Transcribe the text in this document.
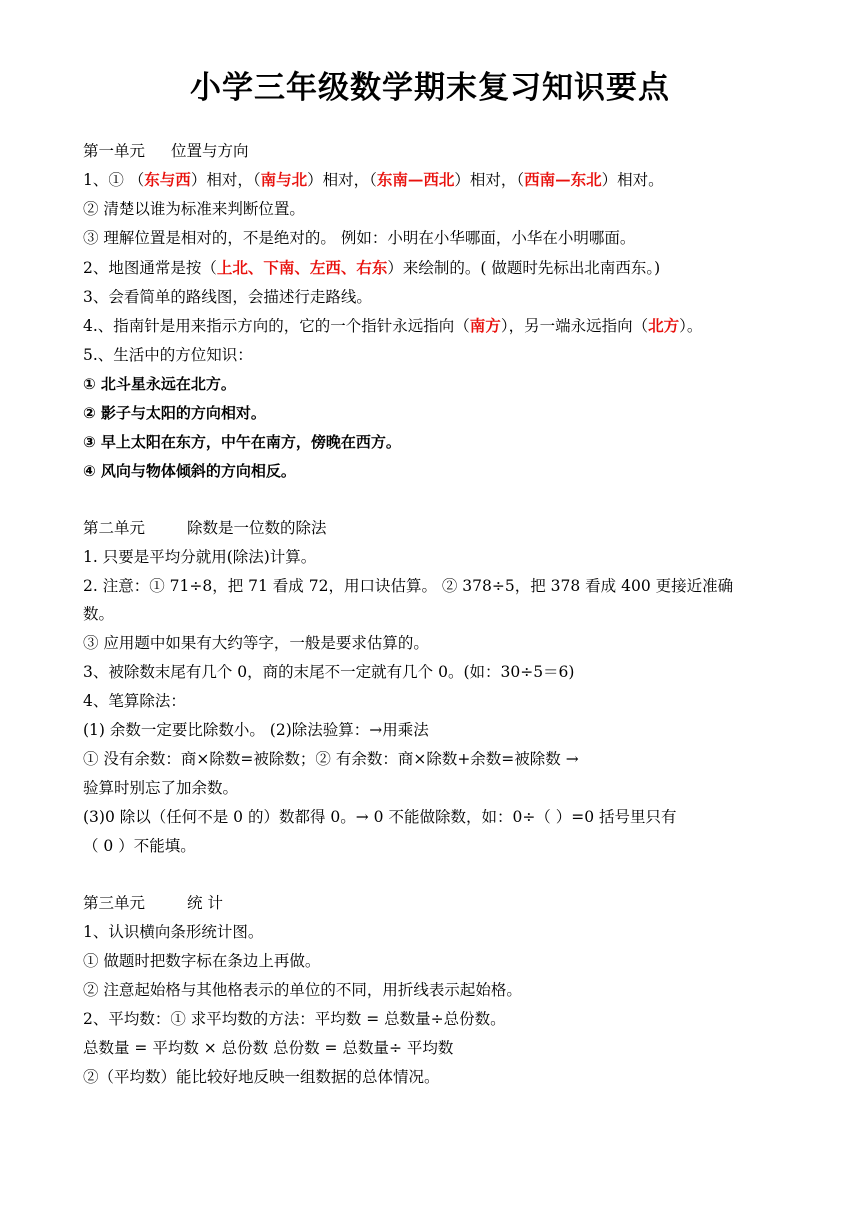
小学三年级数学期末复习知识要点
第一单元 位置与方向
1、① （东与西）相对，（南与北）相对，（东南—西北）相对，（西南—东北）相对。
② 清楚以谁为标准来判断位置。
③ 理解位置是相对的，不是绝对的。 例如：小明在小华哪面，小华在小明哪面。
2、地图通常是按（上北、下南、左西、右东）来绘制的。( 做题时先标出北南西东。)
3、会看简单的路线图，会描述行走路线。
4.、指南针是用来指示方向的，它的一个指针永远指向（南方），另一端永远指向（北方）。
5.、生活中的方位知识：
① 北斗星永远在北方。
② 影子与太阳的方向相对。
③ 早上太阳在东方，中午在南方，傍晚在西方。
④ 风向与物体倾斜的方向相反。
第二单元	除数是一位数的除法
1. 只要是平均分就用(除法)计算。
2. 注意：① 71÷8，把 71 看成 72，用口诀估算。 ② 378÷5，把 378 看成 400 更接近准确
数。
③ 应用题中如果有大约等字，一般是要求估算的。
3、被除数末尾有几个 0，商的末尾不一定就有几个 0。(如：30÷5＝6)
4、笔算除法：
(1) 余数一定要比除数小。 (2)除法验算：→用乘法
① 没有余数：商×除数=被除数；② 有余数：商×除数+余数=被除数 →
验算时别忘了加余数。
(3)0 除以（任何不是 0 的）数都得 0。→ 0 不能做除数，如：0÷（ ）=0 括号里只有
（ 0 ）不能填。
第三单元	统 计
1、认识横向条形统计图。
① 做题时把数字标在条边上再做。
② 注意起始格与其他格表示的单位的不同，用折线表示起始格。
2、平均数：① 求平均数的方法：平均数 = 总数量÷总份数。
总数量 = 平均数 × 总份数 总份数 = 总数量÷ 平均数
②（平均数）能比较好地反映一组数据的总体情况。
